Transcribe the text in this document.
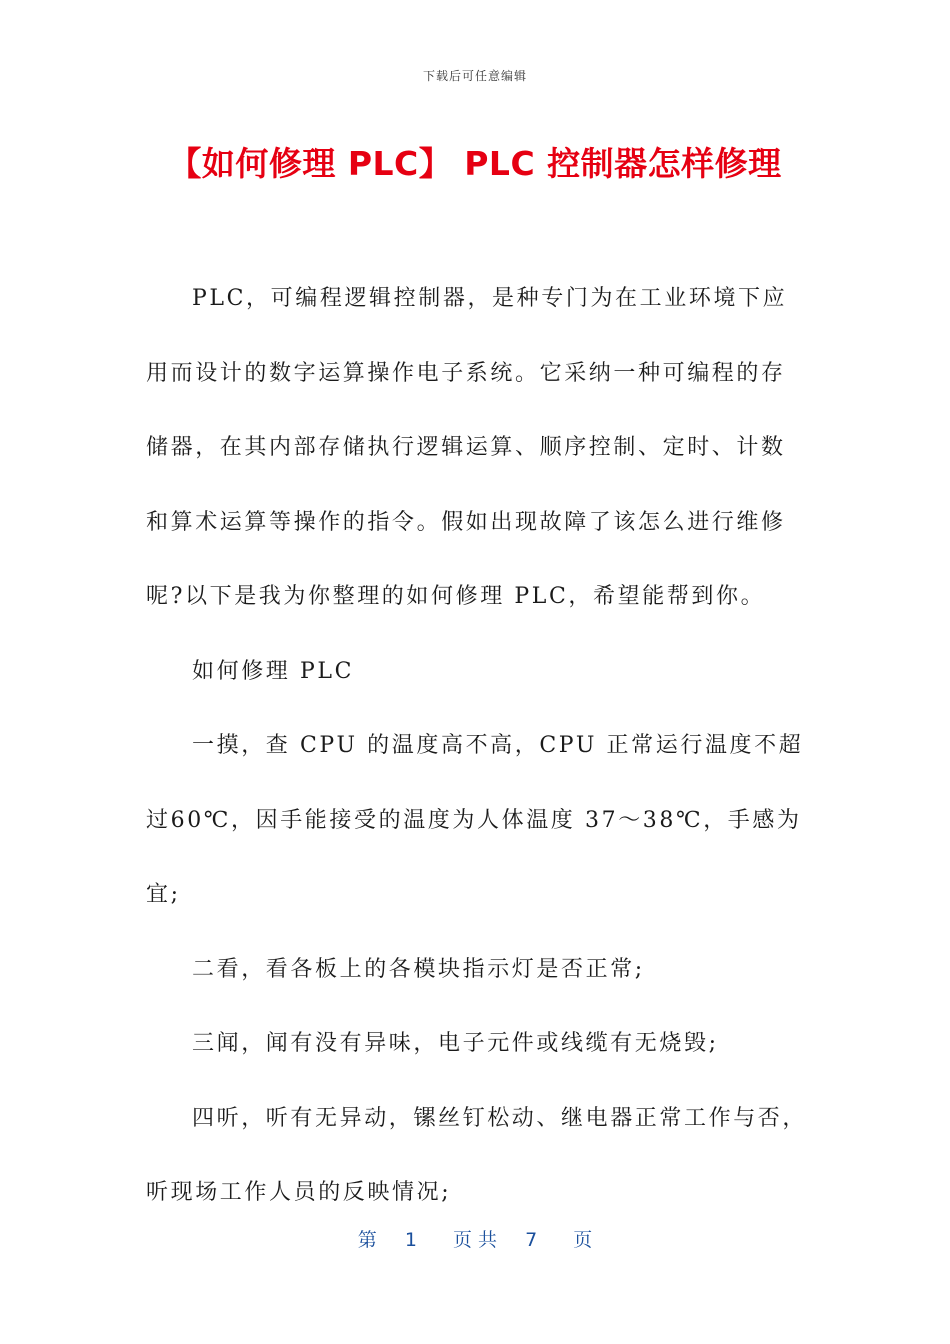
下载后可任意编辑
【如何修理 PLC】 PLC 控制器怎样修理

PLC，可编程逻辑控制器，是种专门为在工业环境下应用而设计的数字运算操作电子系统。它采纳一种可编程的存储器，在其内部存储执行逻辑运算、顺序控制、定时、计数和算术运算等操作的指令。假如出现故障了该怎么进行维修呢?以下是我为你整理的如何修理 PLC，希望能帮到你。

如何修理 PLC

一摸，查 CPU 的温度高不高，CPU 正常运行温度不超过60℃，因手能接受的温度为人体温度 37～38℃，手感为宜;

二看，看各板上的各模块指示灯是否正常;

三闻，闻有没有异味，电子元件或线缆有无烧毁;

四听，听有无异动，镙丝钉松动、继电器正常工作与否，听现场工作人员的反映情况;

第 1 页 共 7 页
